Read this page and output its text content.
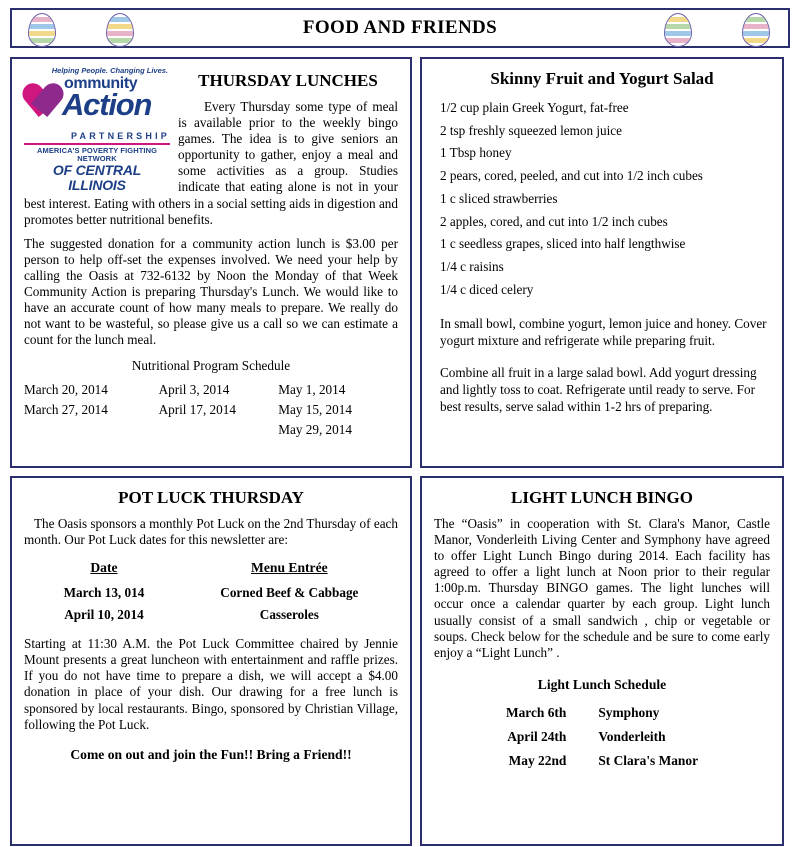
FOOD AND FRIENDS
Helping People. Changing Lives.
ommunity
Action
PARTNERSHIP
AMERICA'S POVERTY FIGHTING NETWORK
OF CENTRAL ILLINOIS
THURSDAY LUNCHES

Every Thursday some type of meal is available prior to the weekly bingo games. The idea is to give seniors an opportunity to gather, enjoy a meal and some activities as a group. Studies indicate that eating alone is not in your best interest. Eating with others in a social setting aids in digestion and promotes better nutritional benefits.

The suggested donation for a community action lunch is $3.00 per person to help off-set the expenses involved. We need your help by calling the Oasis at 732-6132 by Noon the Monday of that Week Community Action is preparing Thursday's Lunch. We would like to have an accurate count of how many meals to prepare. We really do not want to be wasteful, so please give us a call so we can estimate a count for the lunch meal.

Nutritional Program Schedule
March 20, 2014	April 3, 2014	May 1, 2014
March 27, 2014	April 17, 2014	May 15, 2014
		May 29, 2014
Skinny Fruit and Yogurt Salad
1/2 cup plain Greek Yogurt, fat-free
2 tsp freshly squeezed lemon juice
1 Tbsp honey
2 pears, cored, peeled, and cut into 1/2 inch cubes
1 c sliced strawberries
2 apples, cored, and cut into 1/2 inch cubes
1 c seedless grapes, sliced into half lengthwise
1/4 c raisins
1/4 c diced celery
In small bowl, combine yogurt, lemon juice and honey. Cover yogurt mixture and refrigerate while preparing fruit.
Combine all fruit in a large salad bowl. Add yogurt dressing and lightly toss to coat. Refrigerate until ready to serve. For best results, serve salad within 1-2 hrs of preparing.
POT LUCK THURSDAY

The Oasis sponsors a monthly Pot Luck on the 2nd Thursday of each month. Our Pot Luck dates for this newsletter are:

Date	Menu Entrée
March 13, 014	Corned Beef & Cabbage
April 10, 2014	Casseroles

Starting at 11:30 A.M. the Pot Luck Committee chaired by Jennie Mount presents a great luncheon with entertainment and raffle prizes. If you do not have time to prepare a dish, we will accept a $4.00 donation in place of your dish. Our drawing for a free lunch is sponsored by local restaurants. Bingo, sponsored by Christian Village, following the Pot Luck.

Come on out and join the Fun!! Bring a Friend!!
LIGHT LUNCH BINGO

The “Oasis” in cooperation with St. Clara's Manor, Castle Manor, Vonderleith Living Center and Symphony have agreed to offer Light Lunch Bingo during 2014. Each facility has agreed to offer a light lunch at Noon prior to their regular 1:00p.m. Thursday BINGO games. The light lunches will occur once a calendar quarter by each group. Light lunch usually consist of a small sandwich , chip or vegetable or soups. Check below for the schedule and be sure to come early enjoy a “Light Lunch” .

Light Lunch Schedule
March 6th	Symphony
April 24th	Vonderleith
May 22nd	St Clara's Manor
